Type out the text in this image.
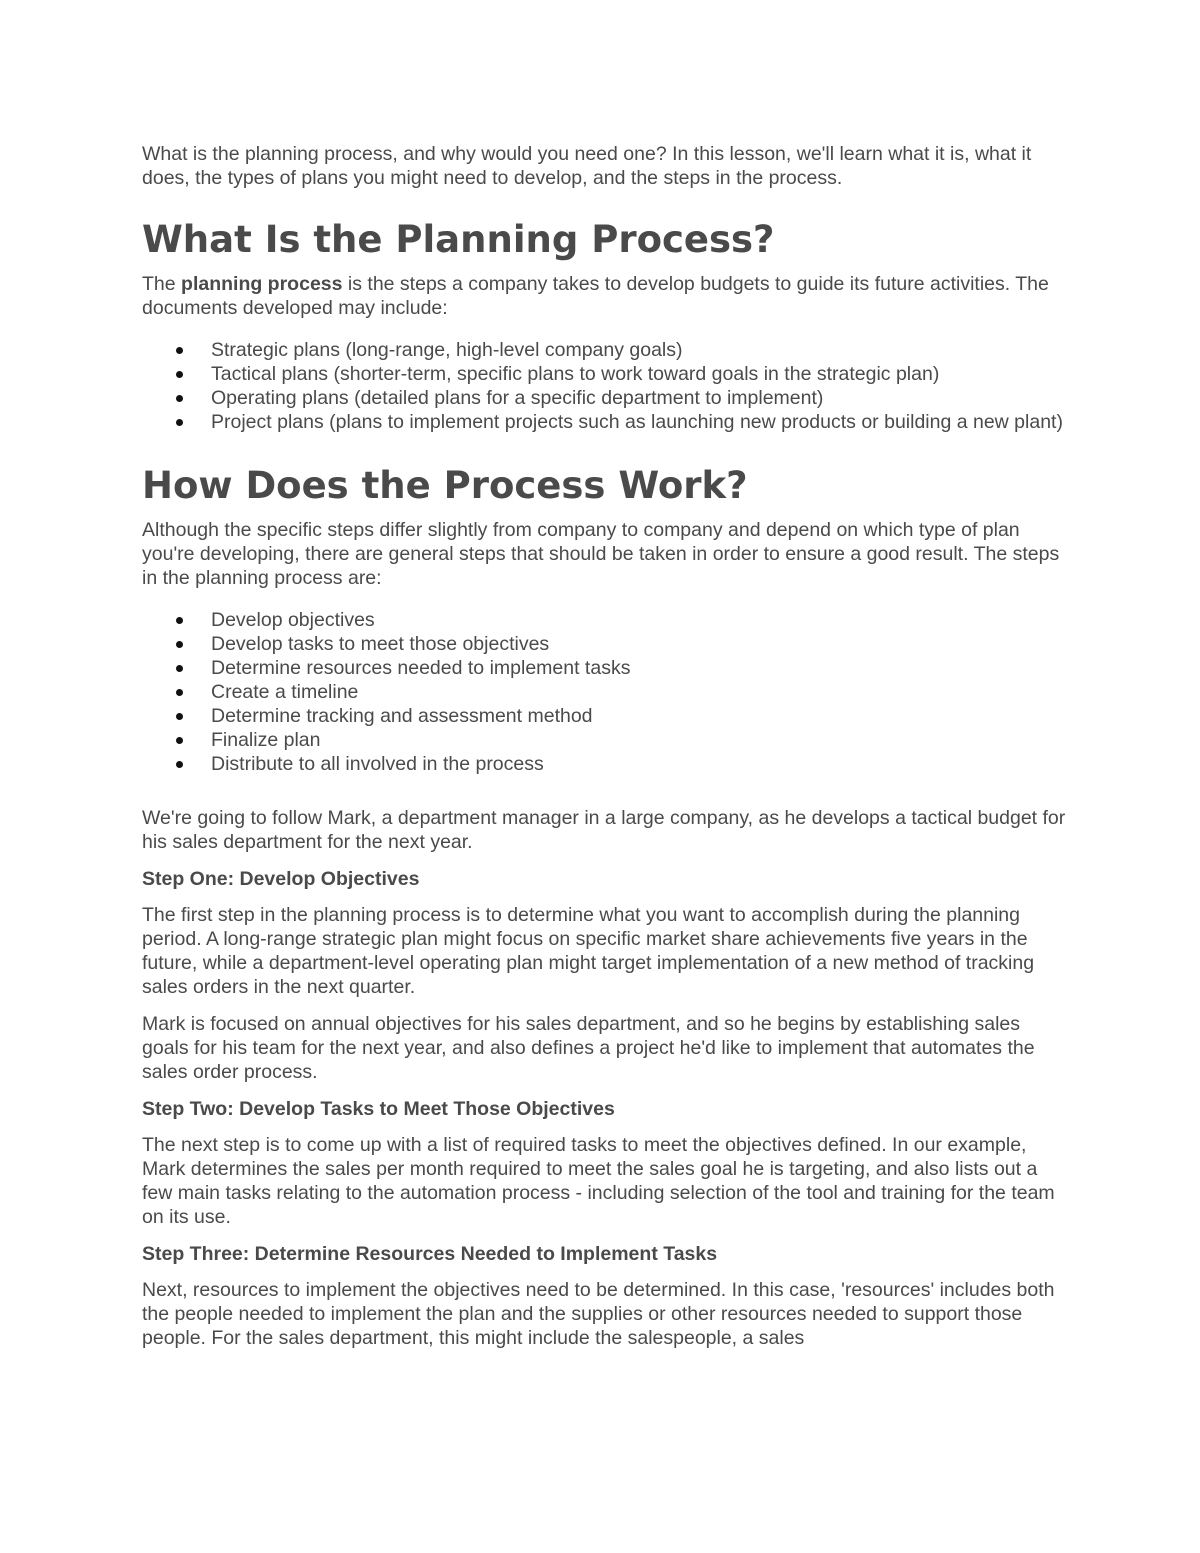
What is the planning process, and why would you need one? In this lesson, we'll learn what it is, what it does, the types of plans you might need to develop, and the steps in the process.

What Is the Planning Process?

The planning process is the steps a company takes to develop budgets to guide its future activities. The documents developed may include:

Strategic plans (long-range, high-level company goals)
Tactical plans (shorter-term, specific plans to work toward goals in the strategic plan)
Operating plans (detailed plans for a specific department to implement)
Project plans (plans to implement projects such as launching new products or building a new plant)
How Does the Process Work?

Although the specific steps differ slightly from company to company and depend on which type of plan you're developing, there are general steps that should be taken in order to ensure a good result. The steps in the planning process are:

Develop objectives
Develop tasks to meet those objectives
Determine resources needed to implement tasks
Create a timeline
Determine tracking and assessment method
Finalize plan
Distribute to all involved in the process

We're going to follow Mark, a department manager in a large company, as he develops a tactical budget for his sales department for the next year.

Step One: Develop Objectives

The first step in the planning process is to determine what you want to accomplish during the planning period. A long-range strategic plan might focus on specific market share achievements five years in the future, while a department-level operating plan might target implementation of a new method of tracking sales orders in the next quarter.

Mark is focused on annual objectives for his sales department, and so he begins by establishing sales goals for his team for the next year, and also defines a project he'd like to implement that automates the sales order process.

Step Two: Develop Tasks to Meet Those Objectives

The next step is to come up with a list of required tasks to meet the objectives defined. In our example, Mark determines the sales per month required to meet the sales goal he is targeting, and also lists out a few main tasks relating to the automation process - including selection of the tool and training for the team on its use.

Step Three: Determine Resources Needed to Implement Tasks

Next, resources to implement the objectives need to be determined. In this case, 'resources' includes both the people needed to implement the plan and the supplies or other resources needed to support those people. For the sales department, this might include the salespeople, a sales
